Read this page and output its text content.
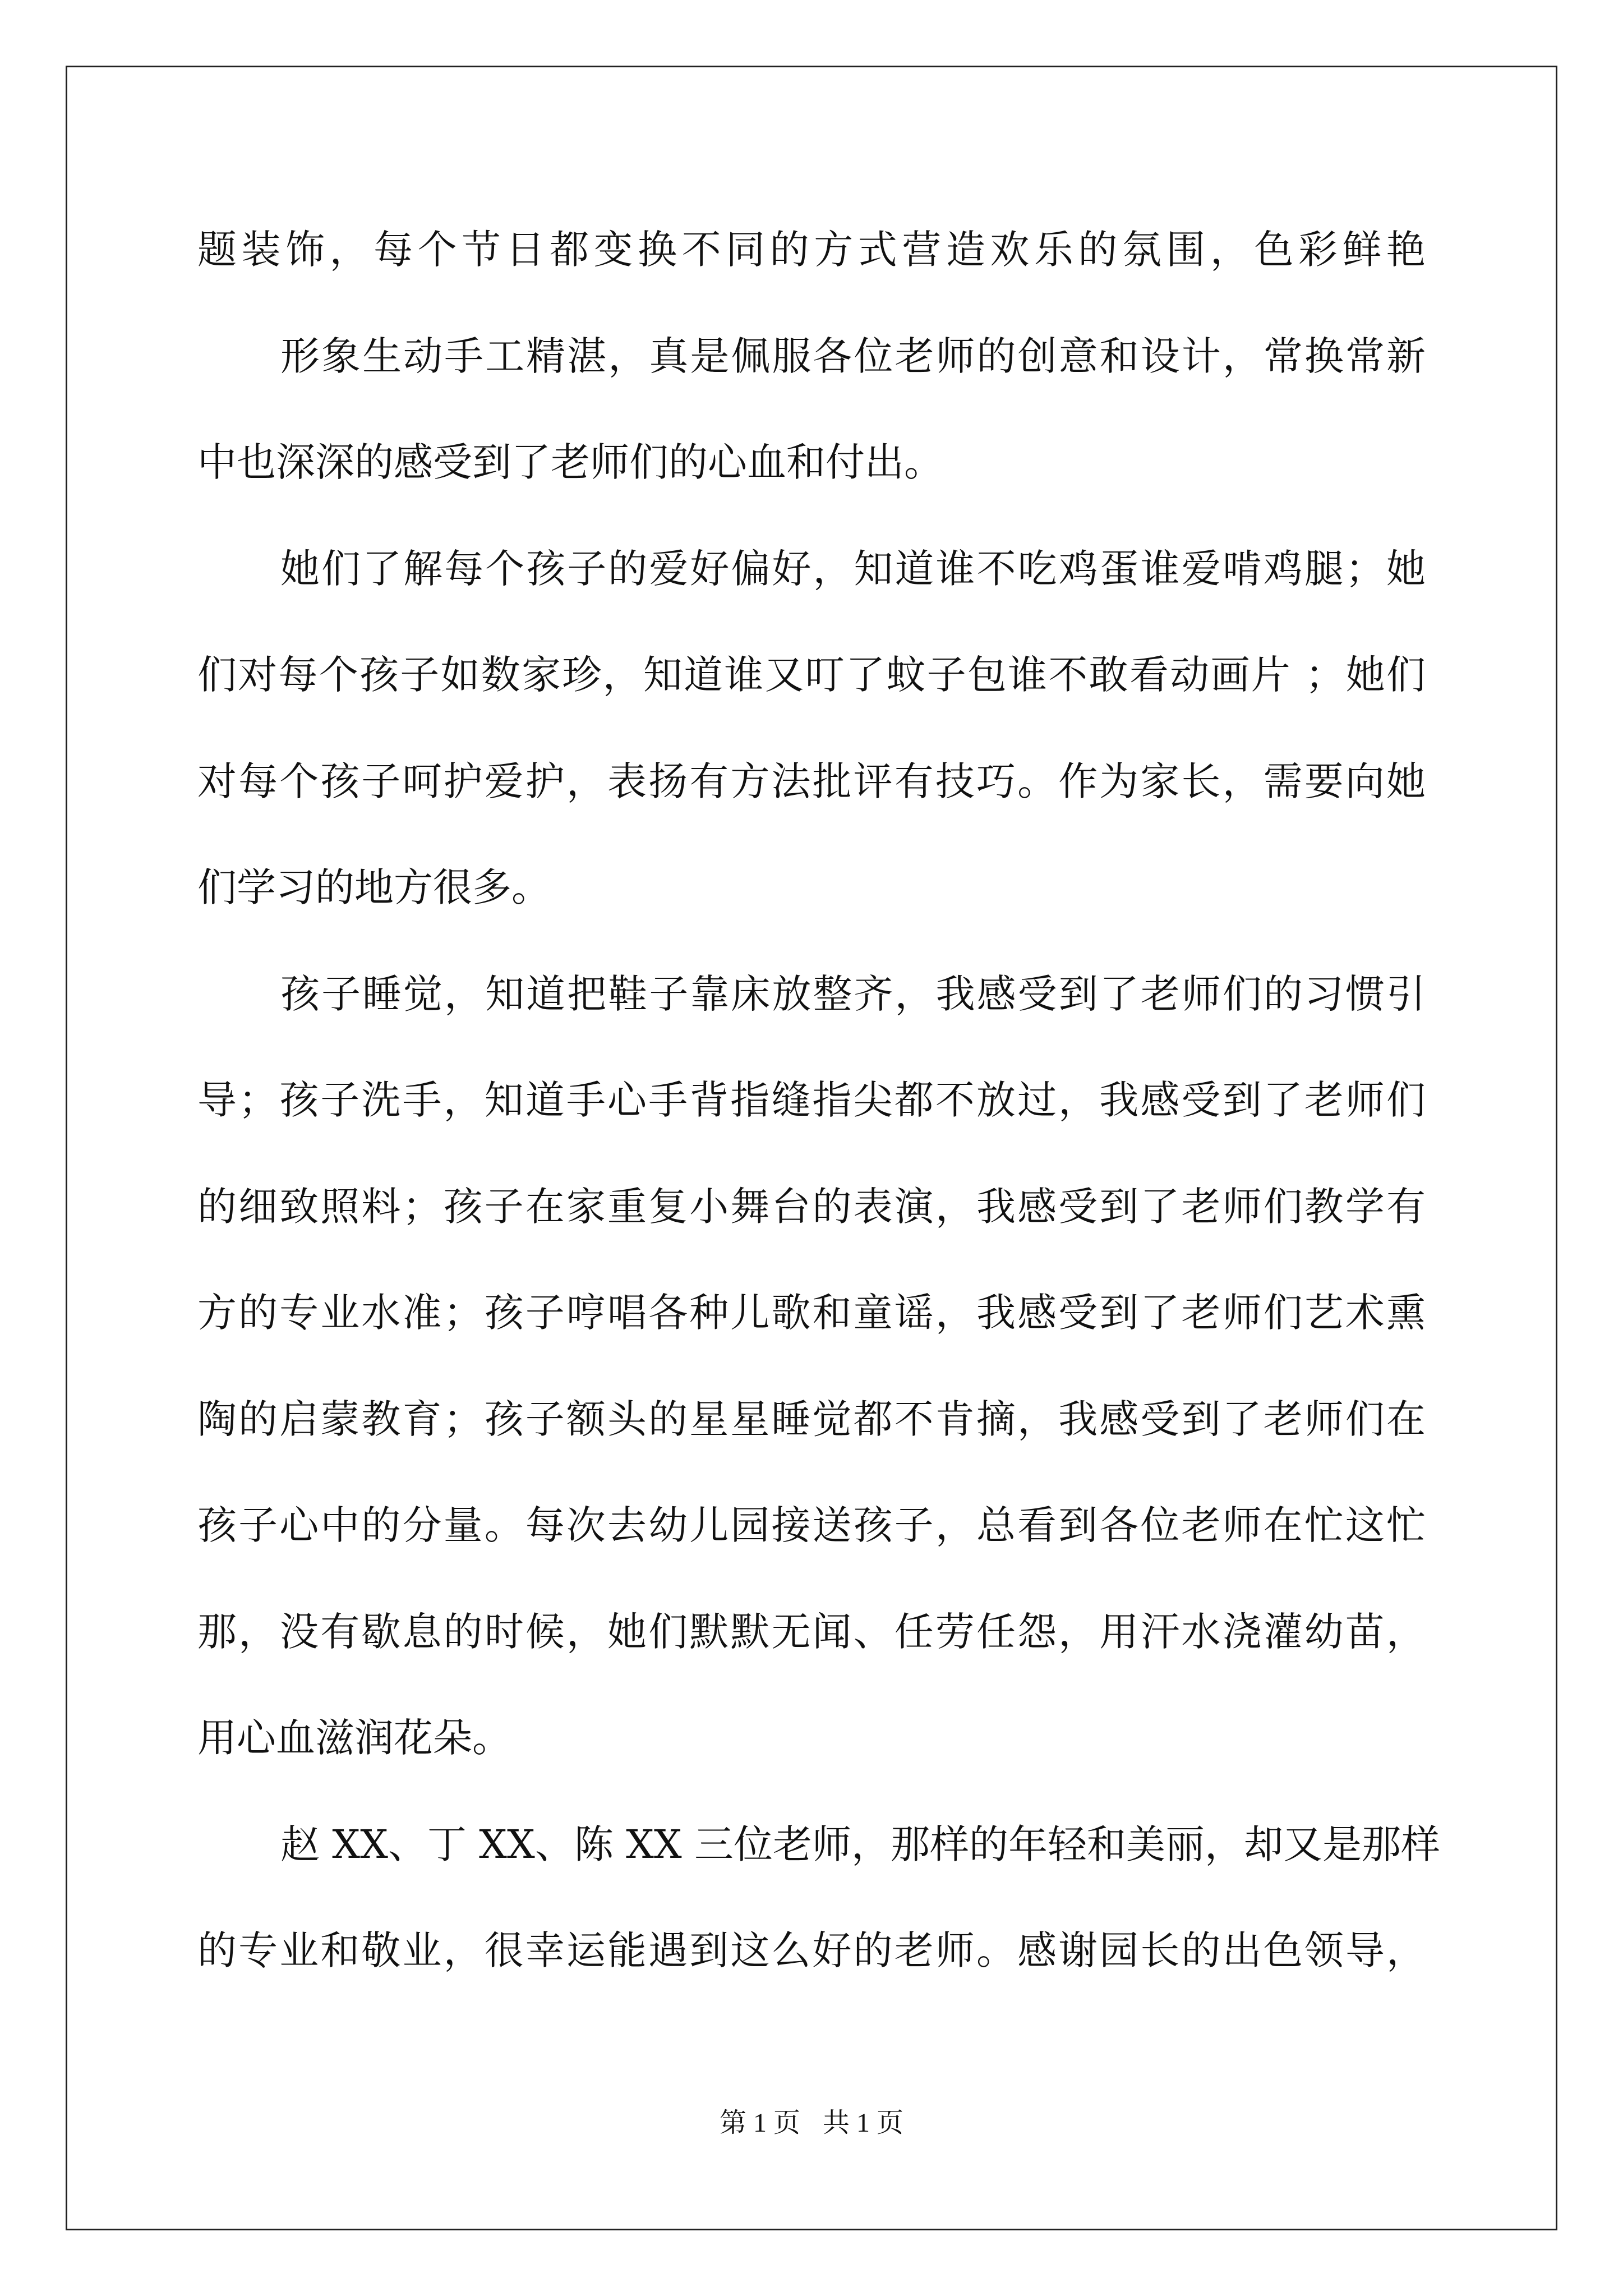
题装饰，每个节日都变换不同的方式营造欢乐的氛围，色彩鲜艳
形象生动手工精湛，真是佩服各位老师的创意和设计，常换常新
中也深深的感受到了老师们的心血和付出。
她们了解每个孩子的爱好偏好，知道谁不吃鸡蛋谁爱啃鸡腿；她
们对每个孩子如数家珍，知道谁又叮了蚊子包谁不敢看动画片 ；她们
对每个孩子呵护爱护，表扬有方法批评有技巧。作为家长，需要向她
们学习的地方很多。
孩子睡觉，知道把鞋子靠床放整齐，我感受到了老师们的习惯引
导；孩子洗手，知道手心手背指缝指尖都不放过，我感受到了老师们
的细致照料；孩子在家重复小舞台的表演，我感受到了老师们教学有
方的专业水准；孩子哼唱各种儿歌和童谣，我感受到了老师们艺术熏
陶的启蒙教育；孩子额头的星星睡觉都不肯摘，我感受到了老师们在
孩子心中的分量。每次去幼儿园接送孩子，总看到各位老师在忙这忙
那，没有歇息的时候，她们默默无闻、任劳任怨，用汗水浇灌幼苗，
用心血滋润花朵。
赵 XX、丁 XX、陈 XX 三位老师，那样的年轻和美丽，却又是那样
的专业和敬业，很幸运能遇到这么好的老师。感谢园长的出色领导，
第 1 页 共 1 页
